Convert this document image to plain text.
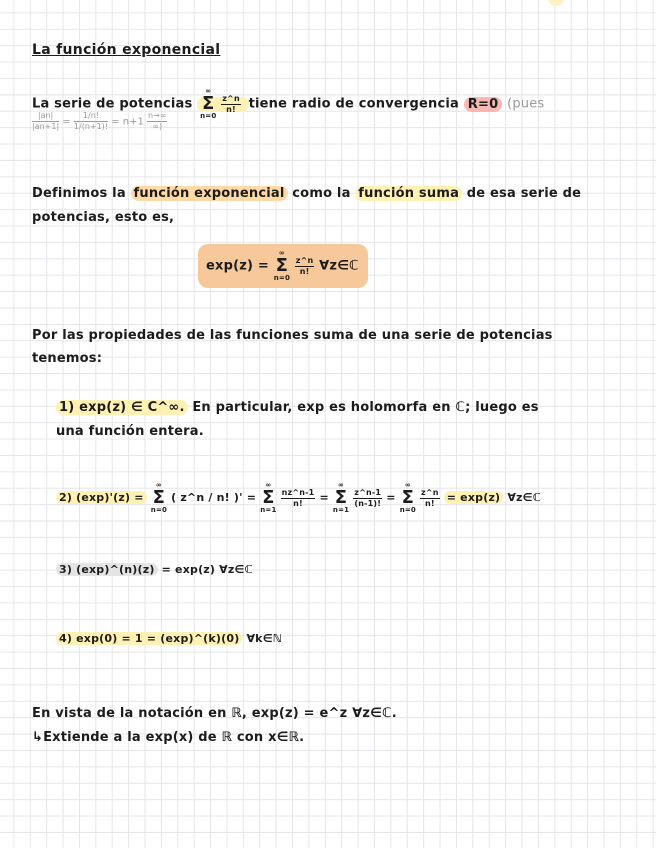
La función exponencial
La serie de potencias
∞
Σ
n=0

$\frac{z\^{}n}{n!}$ tiene radio de convergencia R=0 (pues
$\frac{|an|}{|an+1|} = \frac{1/n!}{1/(n+1)!} = n+1 \frac{n\to\infty}{\infty)}$
Definimos la función exponencial como la función suma de esa serie de
potencias, esto es,
exp(z) =
∞
Σ
n=0

$\frac{z\^{}n}{n!}$ ∀z∈ℂ
Por las propiedades de las funciones suma de una serie de potencias
tenemos:
1) exp(z) ∈ C^∞. En particular, exp es holomorfa en ℂ; luego es
una función entera.
2) (exp)'(z) =
∞
Σ
n=0
( z^n / n! )' =
∞
Σ
n=1

$\frac{nz\^{}n-1}{n!}$ =
∞
Σ
n=1

$\frac{z\^{}n-1}{(n-1)!}$ =
∞
Σ
n=0

$\frac{z\^{}n}{n!} = \exp(z)$ ∀z∈ℂ
3) (exp)^(n)(z) = exp(z) ∀z∈ℂ
4) exp(0) = 1 = (exp)^(k)(0) ∀k∈ℕ
En vista de la notación en ℝ, exp(z) = e^z ∀z∈ℂ.
↳Extiende a la exp(x) de ℝ con x∈ℝ.
